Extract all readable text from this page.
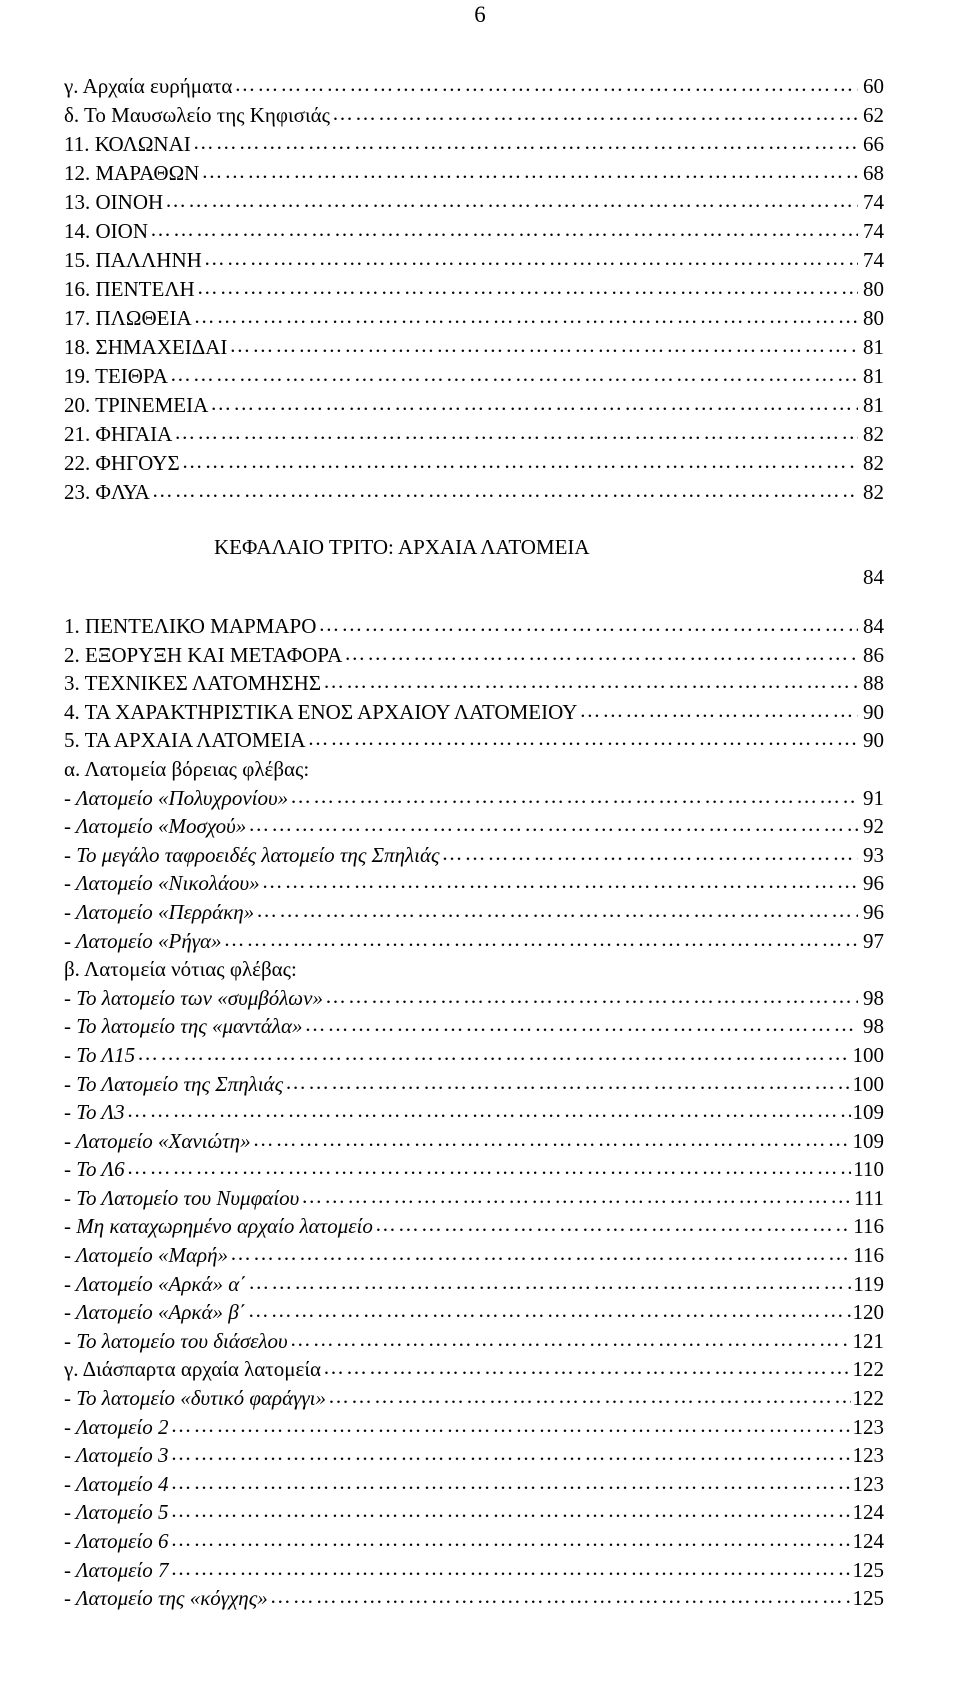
6
γ. Αρχαία ευρήματα ………………………………………………………………………………………………………………………………………………………………………………………………………………	60
δ. Το Μαυσωλείο της Κηφισιάς ………………………………………………………………………………………………………………………………………………………………………………………………………………	62
11. ΚΟΛΩΝΑΙ ………………………………………………………………………………………………………………………………………………………………………………………………………………	66
12. ΜΑΡΑΘΩΝ ………………………………………………………………………………………………………………………………………………………………………………………………………………	68
13. ΟΙΝΟΗ ………………………………………………………………………………………………………………………………………………………………………………………………………………	74
14. ΟΙΟΝ ………………………………………………………………………………………………………………………………………………………………………………………………………………	74
15. ΠΑΛΛΗΝΗ ………………………………………………………………………………………………………………………………………………………………………………………………………………	74
16. ΠΕΝΤΕΛΗ ………………………………………………………………………………………………………………………………………………………………………………………………………………	80
17. ΠΛΩΘΕΙΑ ………………………………………………………………………………………………………………………………………………………………………………………………………………	80
18. ΣΗΜΑΧΕΙΔΑΙ ………………………………………………………………………………………………………………………………………………………………………………………………………………	81
19. ΤΕΙΘΡΑ ………………………………………………………………………………………………………………………………………………………………………………………………………………	81
20. ΤΡΙΝΕΜΕΙΑ ………………………………………………………………………………………………………………………………………………………………………………………………………………	81
21. ΦΗΓΑΙΑ ………………………………………………………………………………………………………………………………………………………………………………………………………………	82
22. ΦΗΓΟΥΣ ………………………………………………………………………………………………………………………………………………………………………………………………………………	82
23. ΦΛΥΑ ………………………………………………………………………………………………………………………………………………………………………………………………………………	82
ΚΕΦΑΛΑΙΟ ΤΡΙΤΟ: ΑΡΧΑΙΑ ΛΑΤΟΜΕΙΑ
84
1. ΠΕΝΤΕΛΙΚΟ ΜΑΡΜΑΡΟ ………………………………………………………………………………………………………………………………………………………………………………………………………………	84
2. ΕΞΟΡΥΞΗ ΚΑΙ ΜΕΤΑΦΟΡΑ ………………………………………………………………………………………………………………………………………………………………………………………………………………	86
3. ΤΕΧΝΙΚΕΣ ΛΑΤΟΜΗΣΗΣ ………………………………………………………………………………………………………………………………………………………………………………………………………………	88
4. ΤΑ ΧΑΡΑΚΤΗΡΙΣΤΙΚΑ ΕΝΟΣ ΑΡΧΑΙΟΥ ΛΑΤΟΜΕΙΟΥ ………………………………………………………………………………………………………………………………………………………………………………………………………………	90
5. ΤΑ ΑΡΧΑΙΑ ΛΑΤΟΜΕΙΑ ………………………………………………………………………………………………………………………………………………………………………………………………………………	90
α. Λατομεία βόρειας φλέβας:
- Λατομείο «Πολυχρονίου» ………………………………………………………………………………………………………………………………………………………………………………………………………………	91
- Λατομείο «Μοσχού» ………………………………………………………………………………………………………………………………………………………………………………………………………………	92
- Το μεγάλο ταφροειδές λατομείο της Σπηλιάς ………………………………………………………………………………………………………………………………………………………………………………………………………………	93
- Λατομείο «Νικολάου» ………………………………………………………………………………………………………………………………………………………………………………………………………………	96
- Λατομείο «Περράκη» ………………………………………………………………………………………………………………………………………………………………………………………………………………	96
- Λατομείο «Ρήγα» ………………………………………………………………………………………………………………………………………………………………………………………………………………	97
β. Λατομεία νότιας φλέβας:
- Το λατομείο των «συμβόλων» ………………………………………………………………………………………………………………………………………………………………………………………………………………	98
- Το λατομείο της «μαντάλα» ………………………………………………………………………………………………………………………………………………………………………………………………………………	98
- Το Λ15 ………………………………………………………………………………………………………………………………………………………………………………………………………………	100
- Το Λατομείο της Σπηλιάς ………………………………………………………………………………………………………………………………………………………………………………………………………………	100
- Το Λ3 ………………………………………………………………………………………………………………………………………………………………………………………………………………	109
- Λατομείο «Χανιώτη» ………………………………………………………………………………………………………………………………………………………………………………………………………………	109
- Το Λ6 ………………………………………………………………………………………………………………………………………………………………………………………………………………	110
- Το Λατομείο του Νυμφαίου ………………………………………………………………………………………………………………………………………………………………………………………………………………	111
- Μη καταχωρημένο αρχαίο λατομείο ………………………………………………………………………………………………………………………………………………………………………………………………………………	116
- Λατομείο «Μαρή» ………………………………………………………………………………………………………………………………………………………………………………………………………………	116
- Λατομείο «Αρκά» α΄ ………………………………………………………………………………………………………………………………………………………………………………………………………………	119
- Λατομείο «Αρκά» β΄ ………………………………………………………………………………………………………………………………………………………………………………………………………………	120
- Το λατομείο του διάσελου ………………………………………………………………………………………………………………………………………………………………………………………………………………	121
γ. Διάσπαρτα αρχαία λατομεία ………………………………………………………………………………………………………………………………………………………………………………………………………………	122
- Το λατομείο «δυτικό φαράγγι» ………………………………………………………………………………………………………………………………………………………………………………………………………………	122
- Λατομείο 2 ………………………………………………………………………………………………………………………………………………………………………………………………………………	123
- Λατομείο 3 ………………………………………………………………………………………………………………………………………………………………………………………………………………	123
- Λατομείο 4 ………………………………………………………………………………………………………………………………………………………………………………………………………………	123
- Λατομείο 5 ………………………………………………………………………………………………………………………………………………………………………………………………………………	124
- Λατομείο 6 ………………………………………………………………………………………………………………………………………………………………………………………………………………	124
- Λατομείο 7 ………………………………………………………………………………………………………………………………………………………………………………………………………………	125
- Λατομείο της «κόγχης» ………………………………………………………………………………………………………………………………………………………………………………………………………………	125
